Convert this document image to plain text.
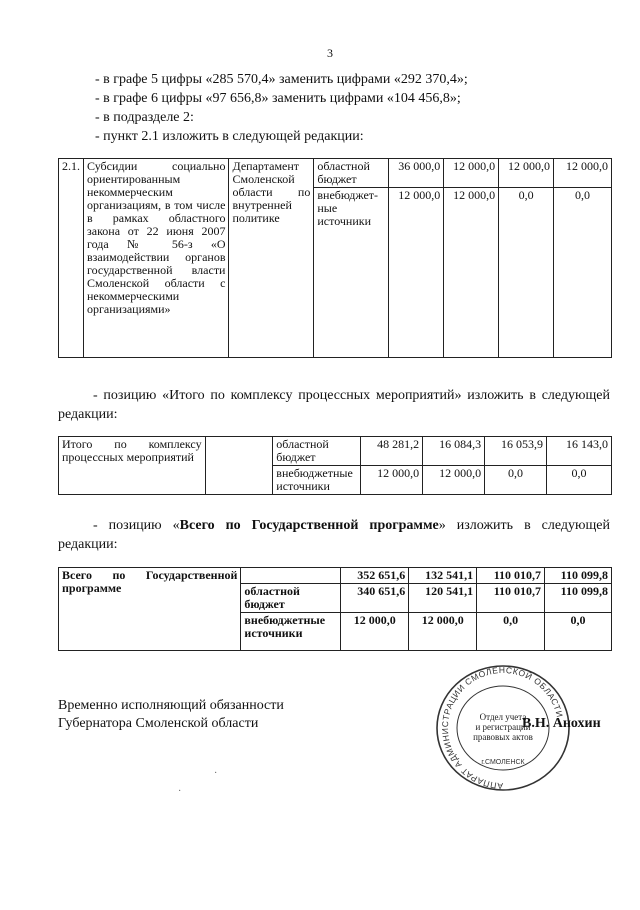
3
- в графе 5 цифры «285 570,4» заменить цифрами «292 370,4»;
- в графе 6 цифры «97 656,8» заменить цифрами «104 456,8»;
- в подразделе 2:
- пункт 2.1 изложить в следующей редакции:
2.1.	Субсидии социально ориентированным некоммерческим организациям, в том числе в рамках областного закона от 22 июня 2007 года № 56-з «О взаимодействии органов государственной власти Смоленской области с некоммерческими организациями»	Департамент Смоленской области по внутренней политике	областной бюджет	36 000,0	12 000,0	12 000,0	12 000,0
			внебюджет-ные источники	12 000,0	12 000,0	0,0	0,0
- позицию «Итого по комплексу процессных мероприятий» изложить в следующей редакции:
Итого по комплексу процессных мероприятий		областной бюджет	48 281,2	16 084,3	16 053,9	16 143,0
		внебюджетные источники	12 000,0	12 000,0	0,0	0,0
- позицию «Всего по Государственной программе» изложить в следующей редакции:
Всего по Государственной программе		352 651,6	132 541,1	110 010,7	110 099,8
	областной бюджет	340 651,6	120 541,1	110 010,7	110 099,8
	внебюджетные источники	12 000,0	12 000,0	0,0	0,0
Временно исполняющий обязанности
Губернатора Смоленской области
АППАРАТ АДМИНИСТРАЦИИ СМОЛЕНСКОЙ ОБЛАСТИ
Отдел учета
и регистрации
правовых актов
г.СМОЛЕНСК
В.Н. Анохин
·
·
